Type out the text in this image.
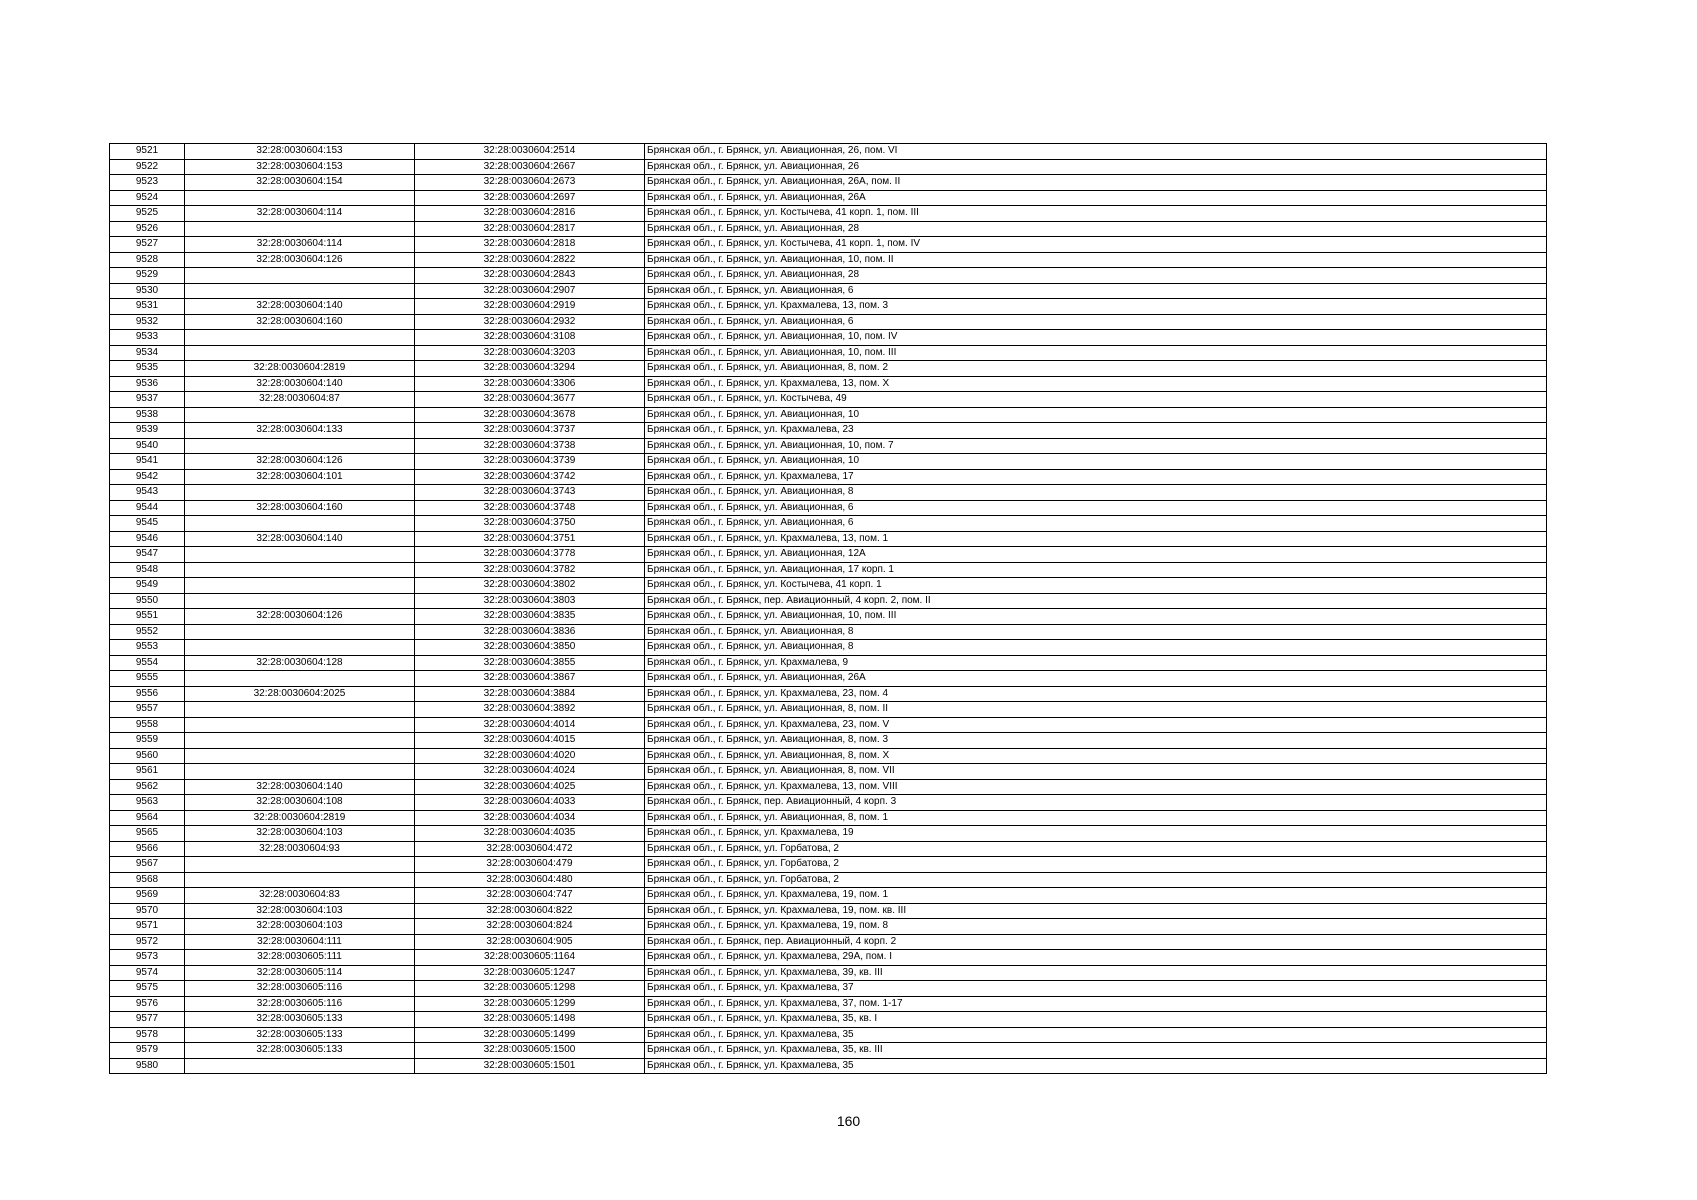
9521	32:28:0030604:153	32:28:0030604:2514	Брянская обл., г. Брянск, ул. Авиационная, 26, пом. VI
9522	32:28:0030604:153	32:28:0030604:2667	Брянская обл., г. Брянск, ул. Авиационная, 26
9523	32:28:0030604:154	32:28:0030604:2673	Брянская обл., г. Брянск, ул. Авиационная, 26А, пом. II
9524		32:28:0030604:2697	Брянская обл., г. Брянск, ул. Авиационная, 26А
9525	32:28:0030604:114	32:28:0030604:2816	Брянская обл., г. Брянск, ул. Костычева, 41 корп. 1, пом. III
9526		32:28:0030604:2817	Брянская обл., г. Брянск, ул. Авиационная, 28
9527	32:28:0030604:114	32:28:0030604:2818	Брянская обл., г. Брянск, ул. Костычева, 41 корп. 1, пом. IV
9528	32:28:0030604:126	32:28:0030604:2822	Брянская обл., г. Брянск, ул. Авиационная, 10, пом. II
9529		32:28:0030604:2843	Брянская обл., г. Брянск, ул. Авиационная, 28
9530		32:28:0030604:2907	Брянская обл., г. Брянск, ул. Авиационная, 6
9531	32:28:0030604:140	32:28:0030604:2919	Брянская обл., г. Брянск, ул. Крахмалева, 13, пом. 3
9532	32:28:0030604:160	32:28:0030604:2932	Брянская обл., г. Брянск, ул. Авиационная, 6
9533		32:28:0030604:3108	Брянская обл., г. Брянск, ул. Авиационная, 10, пом. IV
9534		32:28:0030604:3203	Брянская обл., г. Брянск, ул. Авиационная, 10, пом. III
9535	32:28:0030604:2819	32:28:0030604:3294	Брянская обл., г. Брянск, ул. Авиационная, 8, пом. 2
9536	32:28:0030604:140	32:28:0030604:3306	Брянская обл., г. Брянск, ул. Крахмалева, 13, пом. X
9537	32:28:0030604:87	32:28:0030604:3677	Брянская обл., г. Брянск, ул. Костычева, 49
9538		32:28:0030604:3678	Брянская обл., г. Брянск, ул. Авиационная, 10
9539	32:28:0030604:133	32:28:0030604:3737	Брянская обл., г. Брянск, ул. Крахмалева, 23
9540		32:28:0030604:3738	Брянская обл., г. Брянск, ул. Авиационная, 10, пом. 7
9541	32:28:0030604:126	32:28:0030604:3739	Брянская обл., г. Брянск, ул. Авиационная, 10
9542	32:28:0030604:101	32:28:0030604:3742	Брянская обл., г. Брянск, ул. Крахмалева, 17
9543		32:28:0030604:3743	Брянская обл., г. Брянск, ул. Авиационная, 8
9544	32:28:0030604:160	32:28:0030604:3748	Брянская обл., г. Брянск, ул. Авиационная, 6
9545		32:28:0030604:3750	Брянская обл., г. Брянск, ул. Авиационная, 6
9546	32:28:0030604:140	32:28:0030604:3751	Брянская обл., г. Брянск, ул. Крахмалева, 13, пом. 1
9547		32:28:0030604:3778	Брянская обл., г. Брянск, ул. Авиационная, 12А
9548		32:28:0030604:3782	Брянская обл., г. Брянск, ул. Авиационная, 17 корп. 1
9549		32:28:0030604:3802	Брянская обл., г. Брянск, ул. Костычева, 41 корп. 1
9550		32:28:0030604:3803	Брянская обл., г. Брянск, пер. Авиационный, 4 корп. 2, пом. II
9551	32:28:0030604:126	32:28:0030604:3835	Брянская обл., г. Брянск, ул. Авиационная, 10, пом. III
9552		32:28:0030604:3836	Брянская обл., г. Брянск, ул. Авиационная, 8
9553		32:28:0030604:3850	Брянская обл., г. Брянск, ул. Авиационная, 8
9554	32:28:0030604:128	32:28:0030604:3855	Брянская обл., г. Брянск, ул. Крахмалева, 9
9555		32:28:0030604:3867	Брянская обл., г. Брянск, ул. Авиационная, 26А
9556	32:28:0030604:2025	32:28:0030604:3884	Брянская обл., г. Брянск, ул. Крахмалева, 23, пом. 4
9557		32:28:0030604:3892	Брянская обл., г. Брянск, ул. Авиационная, 8, пом. II
9558		32:28:0030604:4014	Брянская обл., г. Брянск, ул. Крахмалева, 23, пом. V
9559		32:28:0030604:4015	Брянская обл., г. Брянск, ул. Авиационная, 8, пом. 3
9560		32:28:0030604:4020	Брянская обл., г. Брянск, ул. Авиационная, 8, пом. X
9561		32:28:0030604:4024	Брянская обл., г. Брянск, ул. Авиационная, 8, пом. VII
9562	32:28:0030604:140	32:28:0030604:4025	Брянская обл., г. Брянск, ул. Крахмалева, 13, пом. VIII
9563	32:28:0030604:108	32:28:0030604:4033	Брянская обл., г. Брянск, пер. Авиационный, 4 корп. 3
9564	32:28:0030604:2819	32:28:0030604:4034	Брянская обл., г. Брянск, ул. Авиационная, 8, пом. 1
9565	32:28:0030604:103	32:28:0030604:4035	Брянская обл., г. Брянск, ул. Крахмалева, 19
9566	32:28:0030604:93	32:28:0030604:472	Брянская обл., г. Брянск, ул. Горбатова, 2
9567		32:28:0030604:479	Брянская обл., г. Брянск, ул. Горбатова, 2
9568		32:28:0030604:480	Брянская обл., г. Брянск, ул. Горбатова, 2
9569	32:28:0030604:83	32:28:0030604:747	Брянская обл., г. Брянск, ул. Крахмалева, 19, пом. 1
9570	32:28:0030604:103	32:28:0030604:822	Брянская обл., г. Брянск, ул. Крахмалева, 19, пом. кв. III
9571	32:28:0030604:103	32:28:0030604:824	Брянская обл., г. Брянск, ул. Крахмалева, 19, пом. 8
9572	32:28:0030604:111	32:28:0030604:905	Брянская обл., г. Брянск, пер. Авиационный, 4 корп. 2
9573	32:28:0030605:111	32:28:0030605:1164	Брянская обл., г. Брянск, ул. Крахмалева, 29А, пом. I
9574	32:28:0030605:114	32:28:0030605:1247	Брянская обл., г. Брянск, ул. Крахмалева, 39, кв. III
9575	32:28:0030605:116	32:28:0030605:1298	Брянская обл., г. Брянск, ул. Крахмалева, 37
9576	32:28:0030605:116	32:28:0030605:1299	Брянская обл., г. Брянск, ул. Крахмалева, 37, пом. 1-17
9577	32:28:0030605:133	32:28:0030605:1498	Брянская обл., г. Брянск, ул. Крахмалева, 35, кв. I
9578	32:28:0030605:133	32:28:0030605:1499	Брянская обл., г. Брянск, ул. Крахмалева, 35
9579	32:28:0030605:133	32:28:0030605:1500	Брянская обл., г. Брянск, ул. Крахмалева, 35, кв. III
9580		32:28:0030605:1501	Брянская обл., г. Брянск, ул. Крахмалева, 35
160
